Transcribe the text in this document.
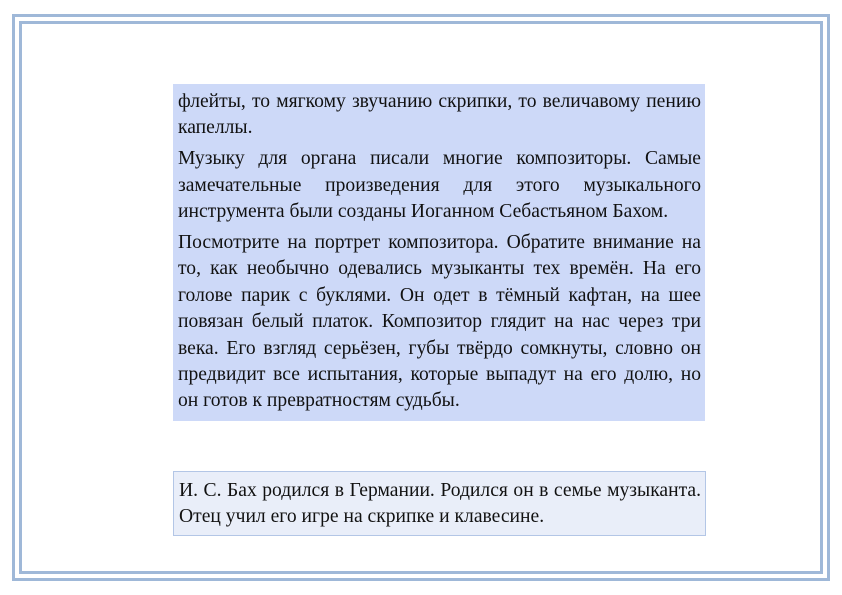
флейты, то мягкому звучанию скрипки, то величавому пению капеллы.

Музыку для органа писали многие композиторы. Самые замечательные произведения для этого музыкального инструмента были созданы Иоганном Себастьяном Бахом.

Посмотрите на портрет композитора. Обратите внимание на то, как необычно одевались музыканты тех времён. На его голове парик с буклями. Он одет в тёмный кафтан, на шее повязан белый платок. Композитор глядит на нас через три века. Его взгляд серьёзен, губы твёрдо сомкнуты, словно он предвидит все испытания, которые выпадут на его долю, но он готов к превратностям судьбы.

И. С. Бах родился в Германии. Родился он в семье музыканта. Отец учил его игре на скрипке и клавесине.
